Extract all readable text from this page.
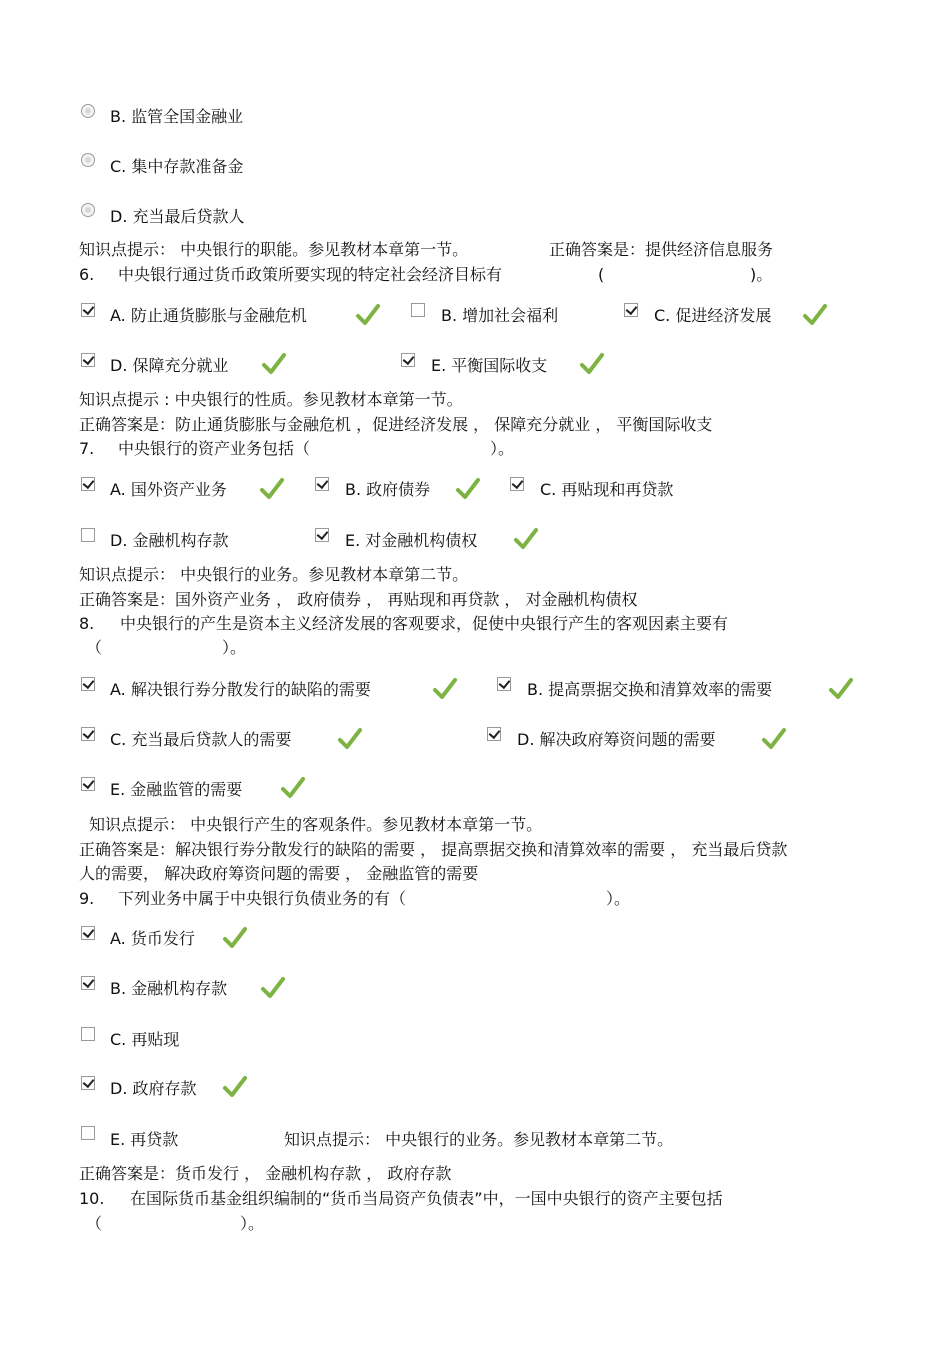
B. 监管全国金融业
C. 集中存款准备金
D. 充当最后贷款人
知识点提示： 中央银行的职能。参见教材本章第一节。	正确答案是：提供经济信息服务
6. 中央银行通过货币政策所要实现的特定社会经济目标有	(	)。
A. 防止通货膨胀与金融危机	B. 增加社会福利	C. 促进经济发展
D. 保障充分就业	E. 平衡国际收支
知识点提示 : 中央银行的性质。参见教材本章第一节。
正确答案是：防止通货膨胀与金融危机 ，促进经济发展 ， 保障充分就业 ， 平衡国际收支
7. 中央银行的资产业务包括（	）。
A. 国外资产业务	B. 政府债券	C. 再贴现和再贷款
D. 金融机构存款	E. 对金融机构债权
知识点提示： 中央银行的业务。参见教材本章第二节。
正确答案是：国外资产业务 ， 政府债券 ， 再贴现和再贷款 ， 对金融机构债权
8. 中央银行的产生是资本主义经济发展的客观要求，促使中央银行产生的客观因素主要有
（	）。
A. 解决银行券分散发行的缺陷的需要	B. 提高票据交换和清算效率的需要
C. 充当最后贷款人的需要	D. 解决政府筹资问题的需要
E. 金融监管的需要
知识点提示： 中央银行产生的客观条件。参见教材本章第一节。
正确答案是：解决银行券分散发行的缺陷的需要 ， 提高票据交换和清算效率的需要 ， 充当最后贷款
人的需要， 解决政府筹资问题的需要 ， 金融监管的需要
9. 下列业务中属于中央银行负债业务的有（	）。
A. 货币发行
B. 金融机构存款
C. 再贴现
D. 政府存款
E. 再贷款	知识点提示： 中央银行的业务。参见教材本章第二节。
正确答案是：货币发行 ， 金融机构存款 ， 政府存款
10. 在国际货币基金组织编制的“货币当局资产负债表”中，一国中央银行的资产主要包括
（	）。
